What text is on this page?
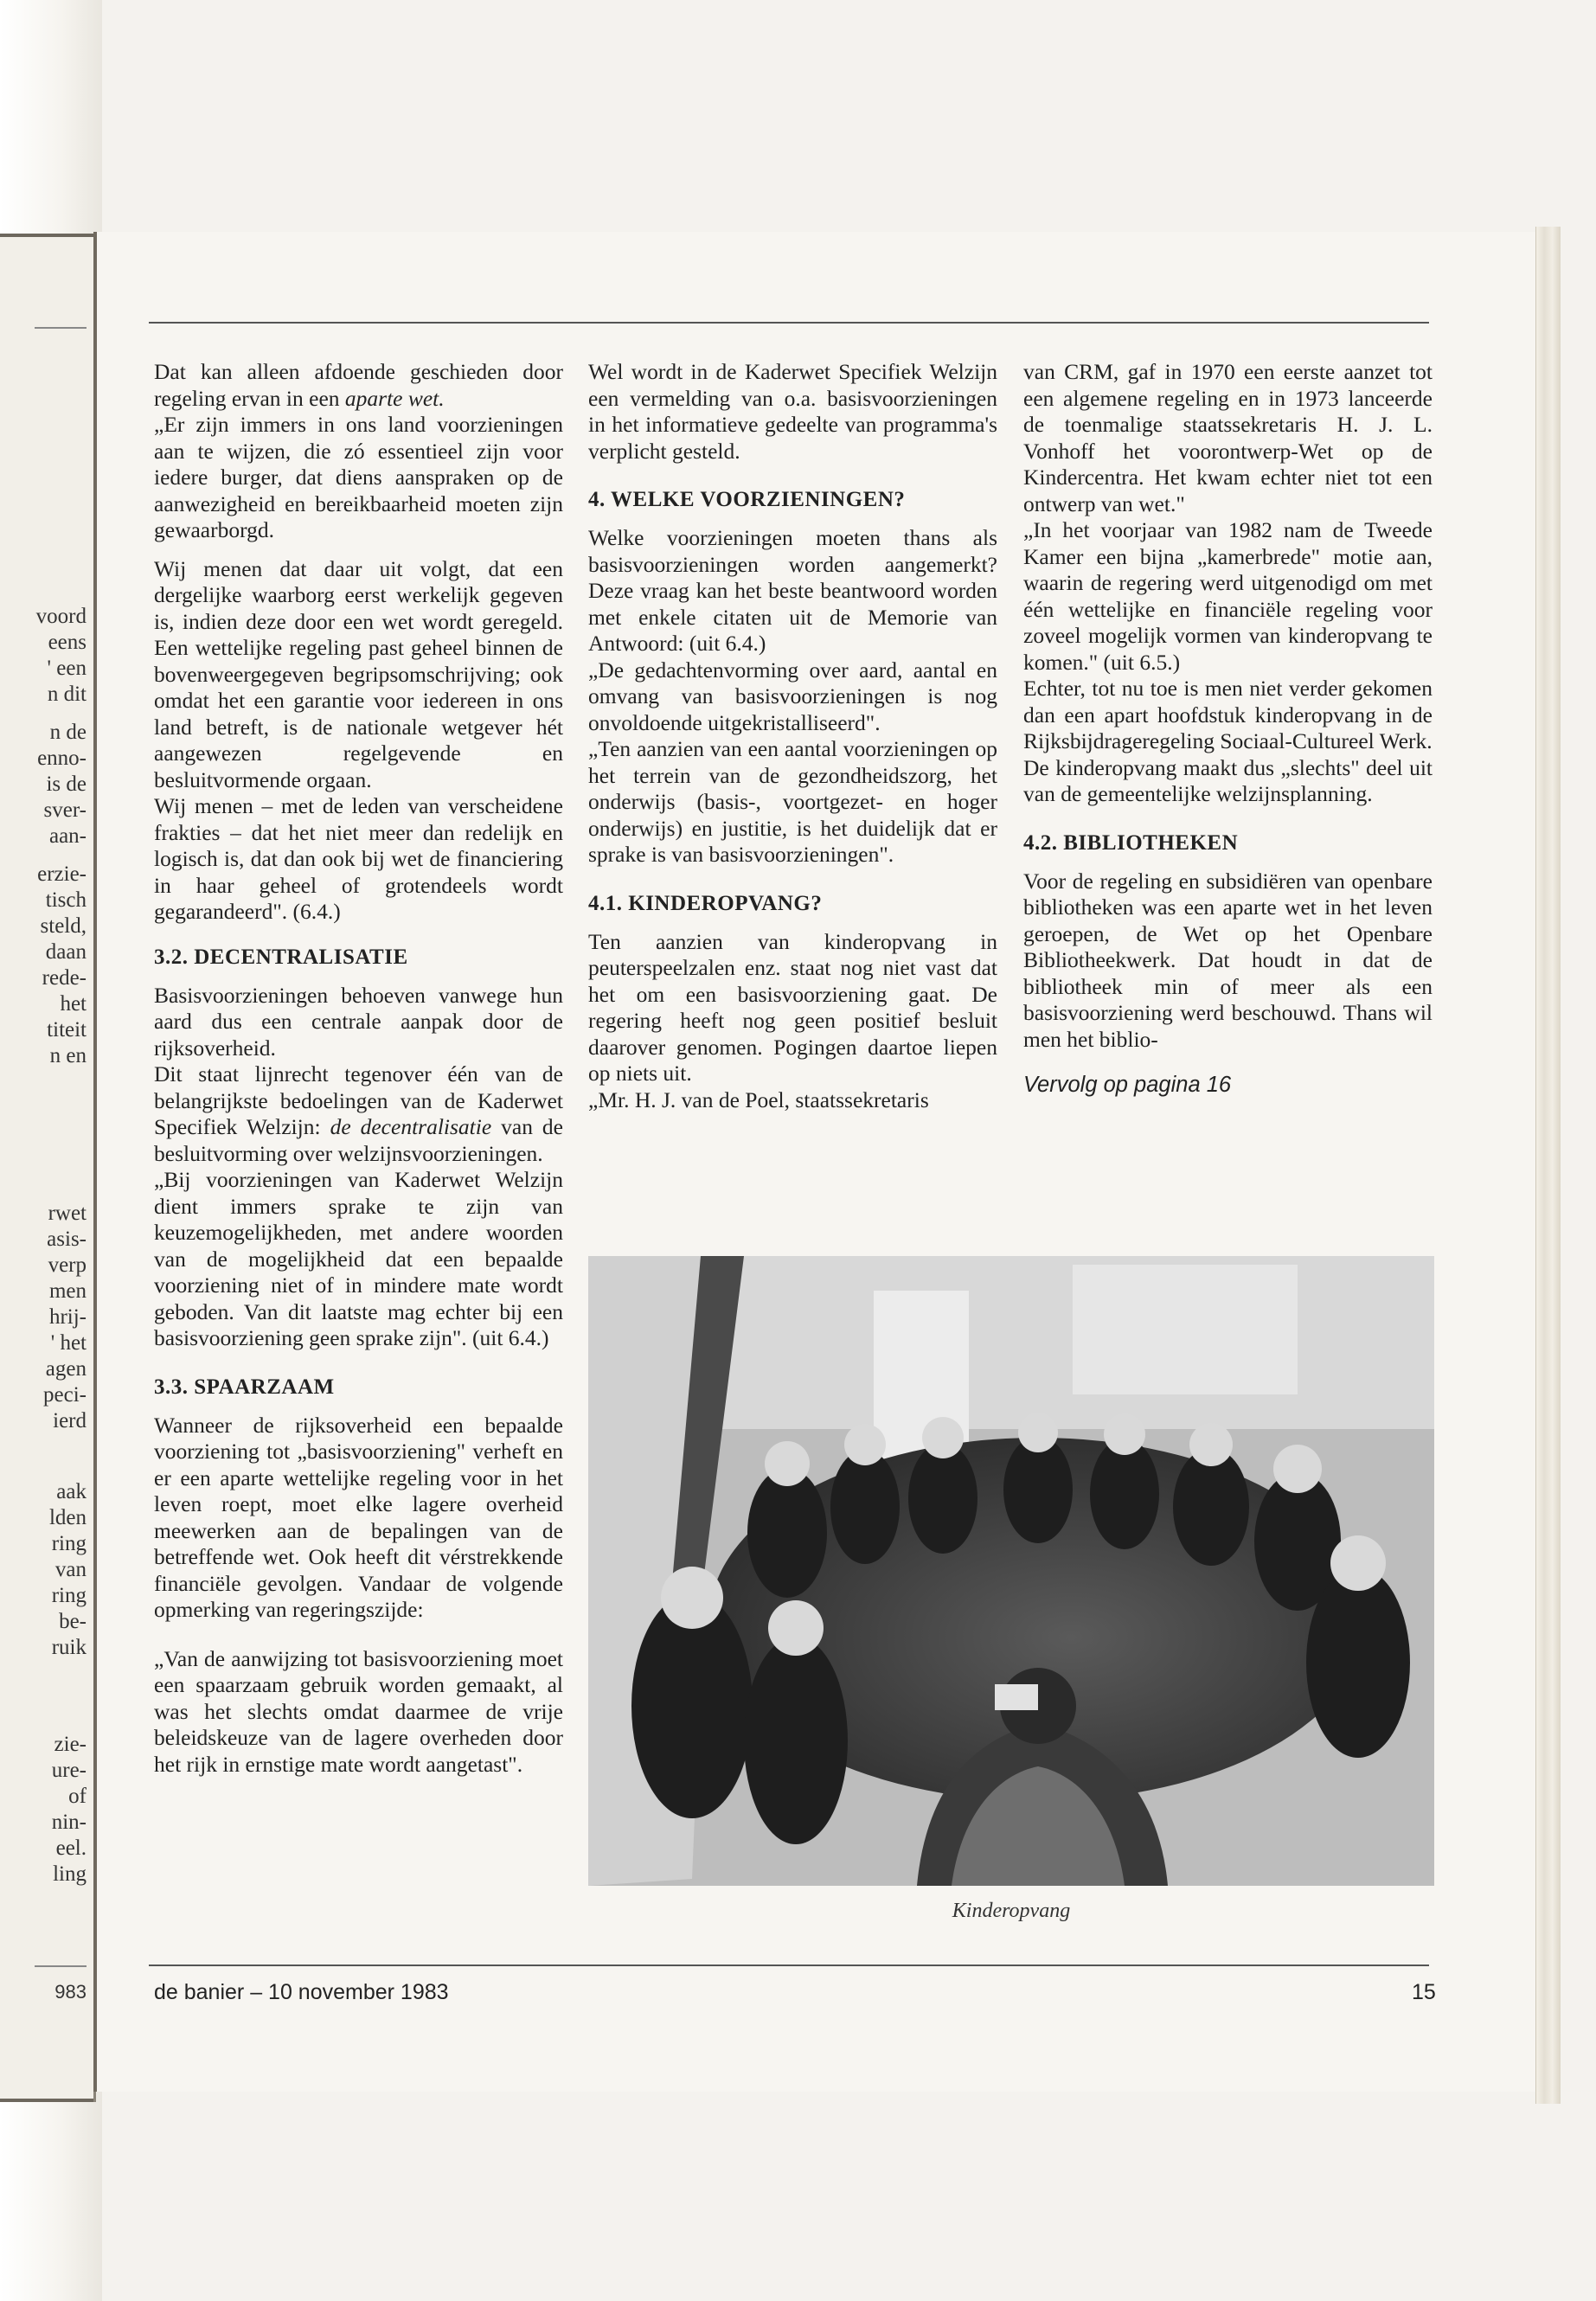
voord
eens
' een
n dit
n de
enno-
is de
sver-
aan-
erzie-
tisch
steld,
daan
rede-
het
titeit
n en
rwet
asis-
verp
men
hrij-
' het
agen
peci-
ierd
aak
lden
ring
van
ring
be-
ruik
zie-
ure-
of
nin-
eel.
ling
983

Dat kan alleen afdoende geschieden door regeling ervan in een aparte wet.

„Er zijn immers in ons land voorzieningen aan te wijzen, die zó essentieel zijn voor iedere burger, dat diens aanspraken op de aanwezigheid en bereikbaarheid moeten zijn gewaarborgd.

Wij menen dat daar uit volgt, dat een dergelijke waarborg eerst werkelijk gegeven is, indien deze door een wet wordt geregeld. Een wettelijke regeling past geheel binnen de bovenweergegeven begripsomschrijving; ook omdat het een garantie voor iedereen in ons land betreft, is de nationale wetgever hét aangewezen regelgevende en besluitvormende orgaan.

Wij menen – met de leden van verscheidene frakties – dat het niet meer dan redelijk en logisch is, dat dan ook bij wet de financiering in haar geheel of grotendeels wordt gegarandeerd". (6.4.)

3.2. DECENTRALISATIE

Basisvoorzieningen behoeven vanwege hun aard dus een centrale aanpak door de rijksoverheid.

Dit staat lijnrecht tegenover één van de belangrijkste bedoelingen van de Kaderwet Specifiek Welzijn: de decentralisatie van de besluitvorming over welzijnsvoorzieningen.

„Bij voorzieningen van Kaderwet Welzijn dient immers sprake te zijn van keuzemogelijkheden, met andere woorden van de mogelijkheid dat een bepaalde voorziening niet of in mindere mate wordt geboden. Van dit laatste mag echter bij een basisvoorziening geen sprake zijn". (uit 6.4.)

3.3. SPAARZAAM

Wanneer de rijksoverheid een bepaalde voorziening tot „basisvoorziening" verheft en er een aparte wettelijke regeling voor in het leven roept, moet elke lagere overheid meewerken aan de bepalingen van de betreffende wet. Ook heeft dit vérstrekkende financiële gevolgen. Vandaar de volgende opmerking van regeringszijde:

„Van de aanwijzing tot basisvoorziening moet een spaarzaam gebruik worden gemaakt, al was het slechts omdat daarmee de vrije beleidskeuze van de lagere overheden door het rijk in ernstige mate wordt aangetast".

Wel wordt in de Kaderwet Specifiek Welzijn een vermelding van o.a. basisvoorzieningen in het informatieve gedeelte van programma's verplicht gesteld.

4. WELKE VOORZIENINGEN?

Welke voorzieningen moeten thans als basisvoorzieningen worden aangemerkt? Deze vraag kan het beste beantwoord worden met enkele citaten uit de Memorie van Antwoord: (uit 6.4.)

„De gedachtenvorming over aard, aantal en omvang van basisvoorzieningen is nog onvoldoende uitgekristalliseerd".

„Ten aanzien van een aantal voorzieningen op het terrein van de gezondheidszorg, het onderwijs (basis-, voortgezet- en hoger onderwijs) en justitie, is het duidelijk dat er sprake is van basisvoorzieningen".

4.1. KINDEROPVANG?

Ten aanzien van kinderopvang in peuterspeelzalen enz. staat nog niet vast dat het om een basisvoorziening gaat. De regering heeft nog geen positief besluit daarover genomen. Pogingen daartoe liepen op niets uit.

„Mr. H. J. van de Poel, staatssekretaris

van CRM, gaf in 1970 een eerste aanzet tot een algemene regeling en in 1973 lanceerde de toenmalige staatssekretaris H. J. L. Vonhoff het voorontwerp-Wet op de Kindercentra. Het kwam echter niet tot een ontwerp van wet."

„In het voorjaar van 1982 nam de Tweede Kamer een bijna „kamerbrede" motie aan, waarin de regering werd uitgenodigd om met één wettelijke en financiële regeling voor zoveel mogelijk vormen van kinderopvang te komen." (uit 6.5.)

Echter, tot nu toe is men niet verder gekomen dan een apart hoofdstuk kinderopvang in de Rijksbijdrageregeling Sociaal-Cultureel Werk.

De kinderopvang maakt dus „slechts" deel uit van de gemeentelijke welzijnsplanning.

4.2. BIBLIOTHEKEN

Voor de regeling en subsidiëren van openbare bibliotheken was een aparte wet in het leven geroepen, de Wet op het Openbare Bibliotheekwerk. Dat houdt in dat de bibliotheek min of meer als een basisvoorziening werd beschouwd. Thans wil men het biblio-

Vervolg op pagina 16

Kinderopvang
de banier – 10 november 1983	15
